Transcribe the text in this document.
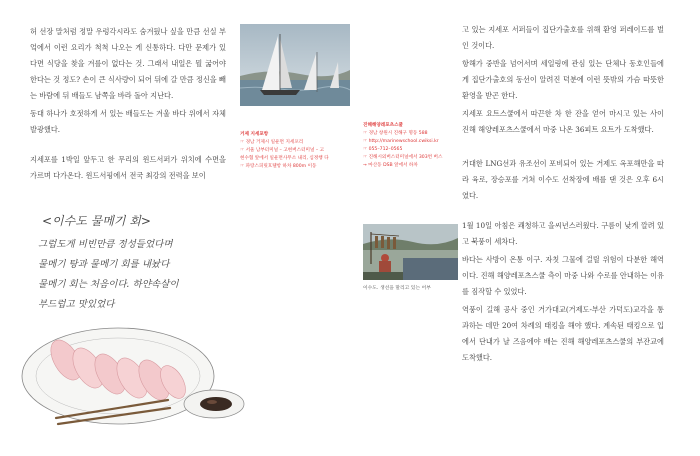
허 선장 말처럼 정말 우렁각시라도 숨겨뒀나 싶을 만큼 선실 부엌에서 이런 요리가 척척 나오는 게 신통하다. 다만 문제가 있다면 식당을 찾을 겨를이 없다는 것. 그래서 내일은 뭘 굶어야 한다는 것 정도? 손이 큰 식사량이 되어 뒤에 갈 만큼 정신을 빼는 바람에 뒤 배들도 남쪽을 바라 돌아 지난다.

동대 하나가 호젓하게 서 있는 배들도는 겨울 바다 위에서 자체 발광했다.

지세포를 1박일 앞두고 한 무리의 윈드서퍼가 위치에 수면을 가르며 다가온다. 윈드서핑에서 전국 최강의 전력을 보이

거제 지세포항
☞ 경남 거제시 일운면 지세포리
☞ 서울 남부터미널 – 고현버스터미널 – 고
현수협 앞에서 일운면사무소 내리, 심정행 다
☞ 파랑스피릿호텔항 하차 800m 이동
진해해양레포츠스쿨
☞ 경남 창원시 진해구 명동 588
☞ http://marinewschool.cwiksi.kr
☞ 055–712–0565
☞ 진해시외버스터미널에서 303번 버스
→ 마산동 DSB 앞에서 하차

고 있는 지세포 서퍼들이 집단가출호를 위해 환영 퍼레이드를 벌인 것이다.

항해가 중반을 넘어서며 세일링에 관심 있는 단체나 동호인들에게 집단가출호의 동선이 알려진 덕분에 이런 뜻밖의 가슴 따뜻한 환영을 받곤 한다.

지세포 요트스쿨에서 따끈한 차 한 잔을 얻어 마시고 있는 사이 진해 해양레포츠스쿨에서 마중 나온 36피트 요트가 도착했다.

거대한 LNG선과 유조선이 포비되어 있는 거제도 옥포해만을 따라 육로, 장승포를 거쳐 이수도 선착장에 배를 댄 것은 오후 6시였다.

1월 10일 아침은 쾌청하고 을씨년스러웠다. 구름이 낮게 깔려 있고 북풍이 세차다.

바다는 사방이 온통 이구. 자칫 그물에 걸릴 위험이 다분한 해역이다. 진해 해양레포츠스쿨 측이 마중 나와 수로를 안내하는 이유를 짐작할 수 있었다.

역풍이 길해 공사 중인 거가대교(거제도-부산 가덕도)교각을 통과하는 데만 20여 차례의 태킹을 해야 했다. 계속된 태킹으로 입에서 단내가 날 즈음에야 배는 진해 해양레포츠스쿨의 부잔교에 도착했다.

이수도. 생선을 말리고 있는 어부
<이수도 물메기 회>
그럽도게 비빈만큼 정성들었다며
물메기 탕과 물메기 회를 내놨다
물메기 회는 처음이다. 하얀속살이
부드럽고 맛있었다
